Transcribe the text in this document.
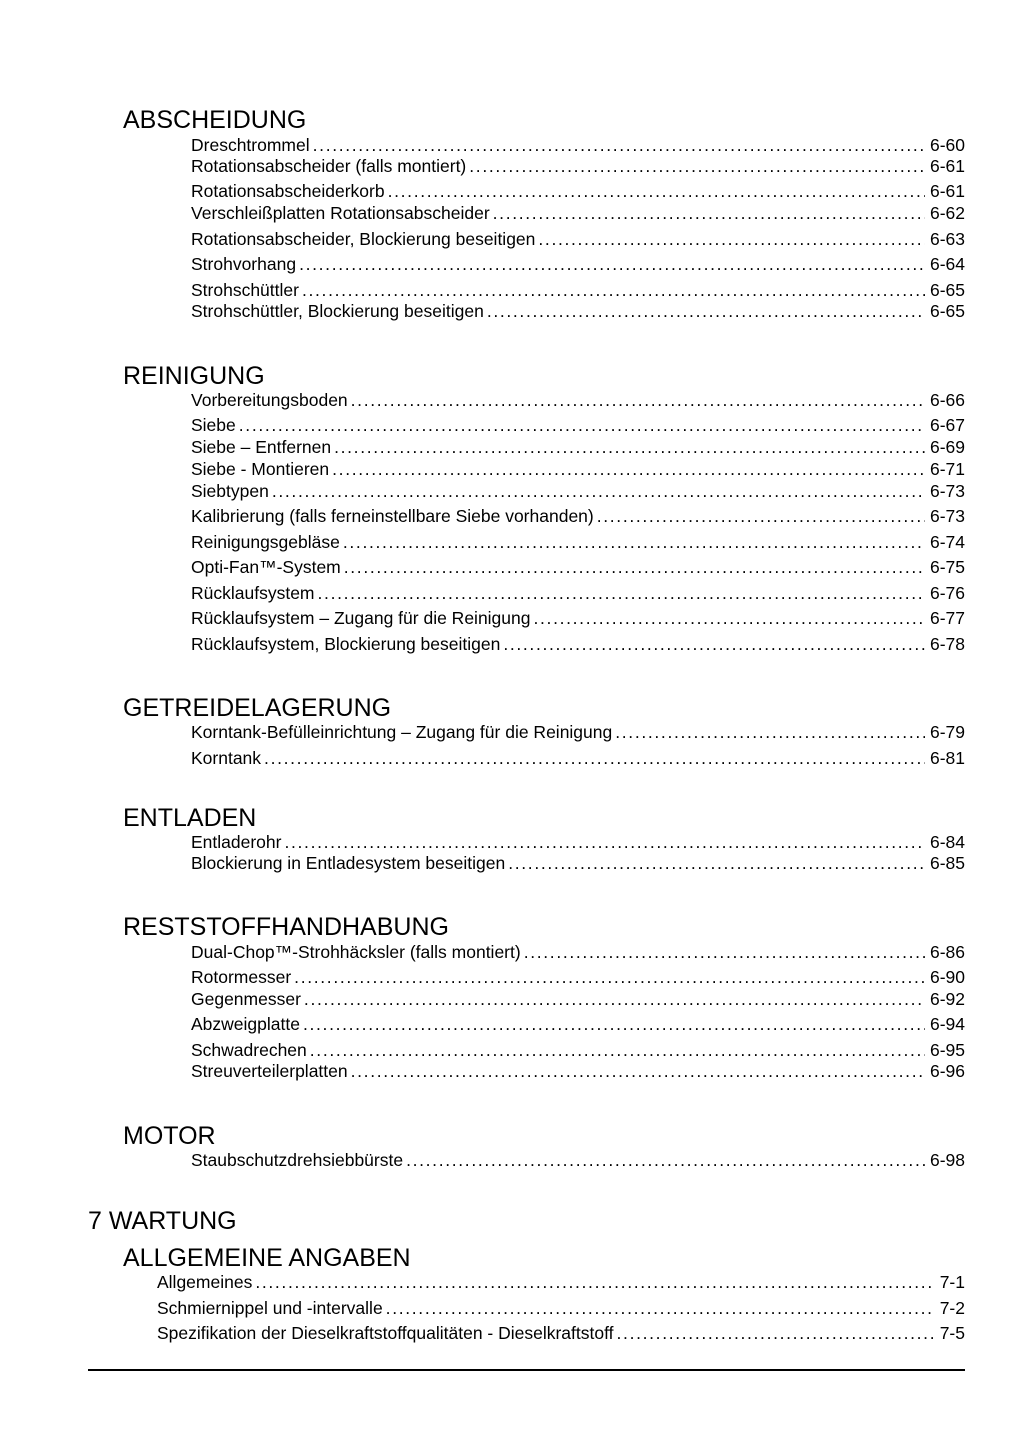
ABSCHEIDUNG
Dreschtrommel . . .	6-60
Rotationsabscheider (falls montiert) . . .	6-61
Rotationsabscheiderkorb . . .	6-61
Verschleißplatten Rotationsabscheider . . .	6-62
Rotationsabscheider, Blockierung beseitigen . . .	6-63
Strohvorhang . . .	6-64
Strohschüttler . . .	6-65
Strohschüttler, Blockierung beseitigen . . .	6-65
REINIGUNG
Vorbereitungsboden . . .	6-66
Siebe . . .	6-67
Siebe – Entfernen . . .	6-69
Siebe - Montieren . . .	6-71
Siebtypen . . .	6-73
Kalibrierung (falls ferneinstellbare Siebe vorhanden) . . .	6-73
Reinigungsgebläse . . .	6-74
Opti-Fan™-System . . .	6-75
Rücklaufsystem . . .	6-76
Rücklaufsystem – Zugang für die Reinigung . . .	6-77
Rücklaufsystem, Blockierung beseitigen . . .	6-78
GETREIDELAGERUNG
Korntank-Befülleinrichtung – Zugang für die Reinigung . . .	6-79
Korntank . . .	6-81
ENTLADEN
Entladerohr . . .	6-84
Blockierung in Entladesystem beseitigen . . .	6-85
RESTSTOFFHANDHABUNG
Dual-Chop™-Strohhäcksler (falls montiert) . . .	6-86
Rotormesser . . .	6-90
Gegenmesser . . .	6-92
Abzweigplatte . . .	6-94
Schwadrechen . . .	6-95
Streuverteilerplatten . . .	6-96
MOTOR
Staubschutzdrehsiebbürste . . .	6-98
7 WARTUNG
ALLGEMEINE ANGABEN
Allgemeines . . .	7-1
Schmiernippel und -intervalle . . .	7-2
Spezifikation der Dieselkraftstoffqualitäten - Dieselkraftstoff . . .	7-5
